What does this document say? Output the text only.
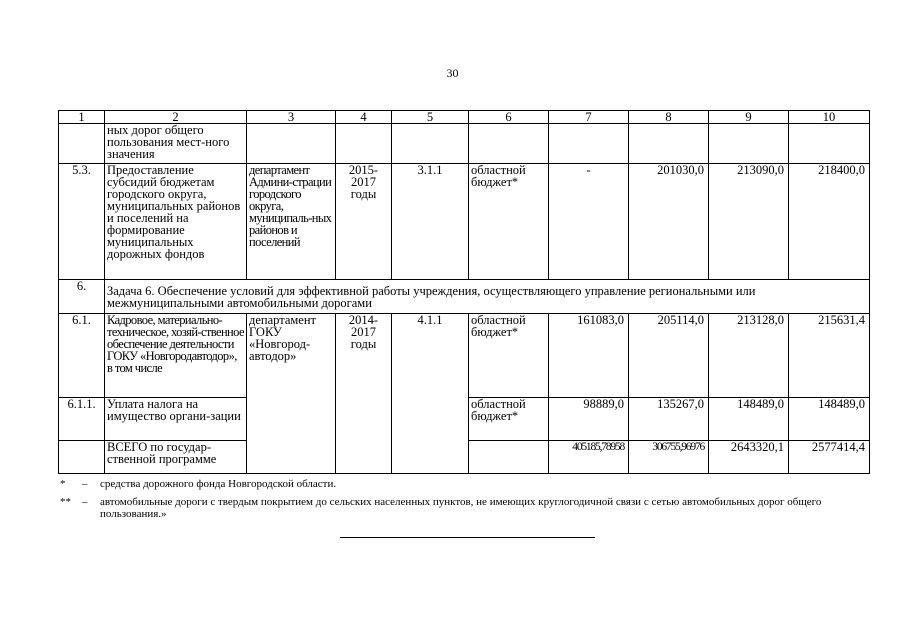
30
1	2	3	4	5	6	7	8	9	10
	ных дорог общего пользования мест-ного значения								
5.3.	Предоставление субсидий бюджетам городского округа, муниципальных районов и поселений на формирование муниципальных дорожных фондов	департамент Админи-страции городского округа, муниципаль-ных районов и поселений	2015-2017 годы	3.1.1	областной бюджет*	-	201030,0	213090,0	218400,0
6.	Задача 6. Обеспечение условий для эффективной работы учреждения, осуществляющего управление региональными или межмуниципальными автомобильными дорогами								
6.1.	Кадровое, материально-техническое, хозяй-ственное обеспечение деятельности ГОКУ «Новгородавтодор», в том числе	департамент ГОКУ «Новгород-автодор»	2014-2017 годы	4.1.1	областной бюджет*	161083,0	205114,0	213128,0	215631,4
6.1.1.	Уплата налога на имущество органи-зации				областной бюджет*	98889,0	135267,0	148489,0	148489,0
	ВСЕГО по государ-ственной программе					405185,78958	306755,96976	2643320,1	2577414,4
*	–	средства дорожного фонда Новгородской области.
**	–	автомобильные дороги с твердым покрытием до сельских населенных пунктов, не имеющих круглогодичной связи с сетью автомобильных дорог общего пользования.»
